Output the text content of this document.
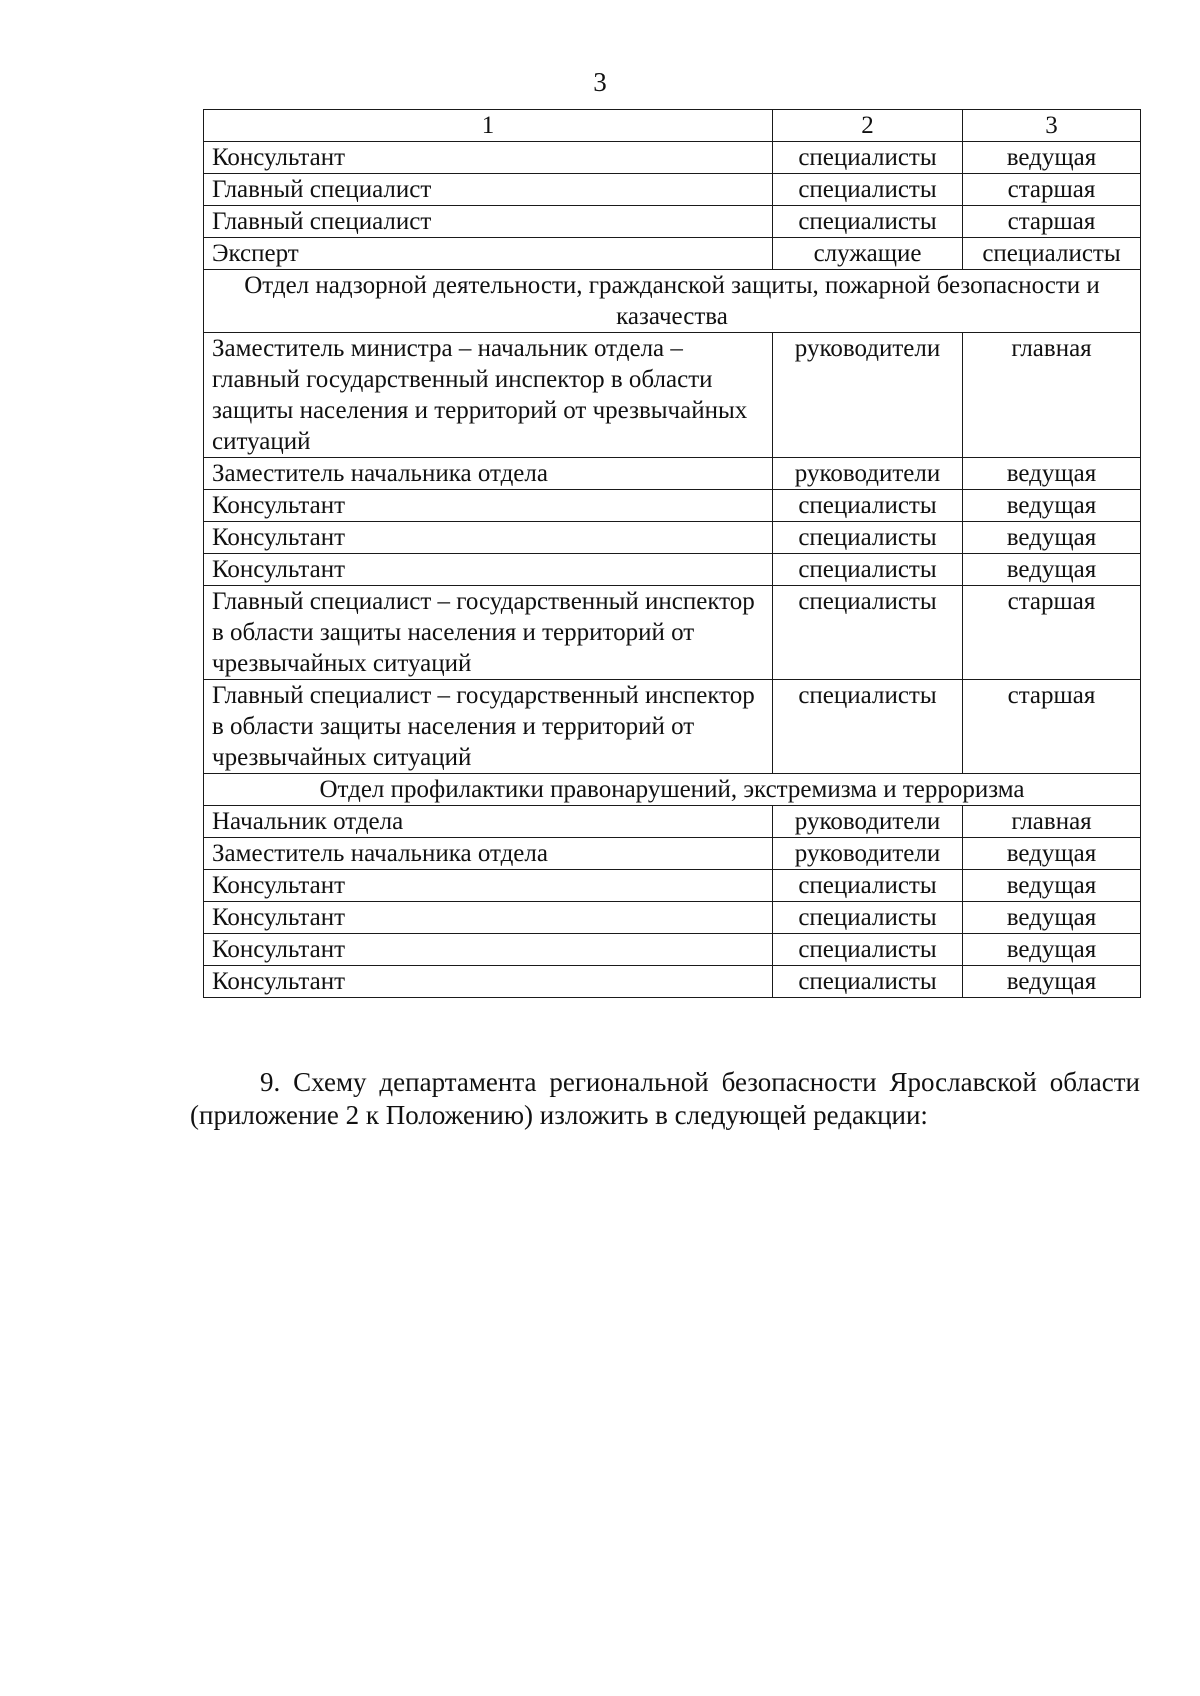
3
1	2	3
Консультант	специалисты	ведущая
Главный специалист	специалисты	старшая
Главный специалист	специалисты	старшая
Эксперт	служащие	специалисты
Отдел надзорной деятельности, гражданской защиты, пожарной безопасности и казачества		
Заместитель министра – начальник отдела – главный государственный инспектор в области защиты населения и территорий от чрезвычайных ситуаций	руководители	главная
Заместитель начальника отдела	руководители	ведущая
Консультант	специалисты	ведущая
Консультант	специалисты	ведущая
Консультант	специалисты	ведущая
Главный специалист – государственный инспектор в области защиты населения и территорий от чрезвычайных ситуаций	специалисты	старшая
Главный специалист – государственный инспектор в области защиты населения и территорий от чрезвычайных ситуаций	специалисты	старшая
Отдел профилактики правонарушений, экстремизма и терроризма		
Начальник отдела	руководители	главная
Заместитель начальника отдела	руководители	ведущая
Консультант	специалисты	ведущая
Консультант	специалисты	ведущая
Консультант	специалисты	ведущая
Консультант	специалисты	ведущая
9. Схему департамента региональной безопасности Ярославской области (приложение 2 к Положению) изложить в следующей редакции:
